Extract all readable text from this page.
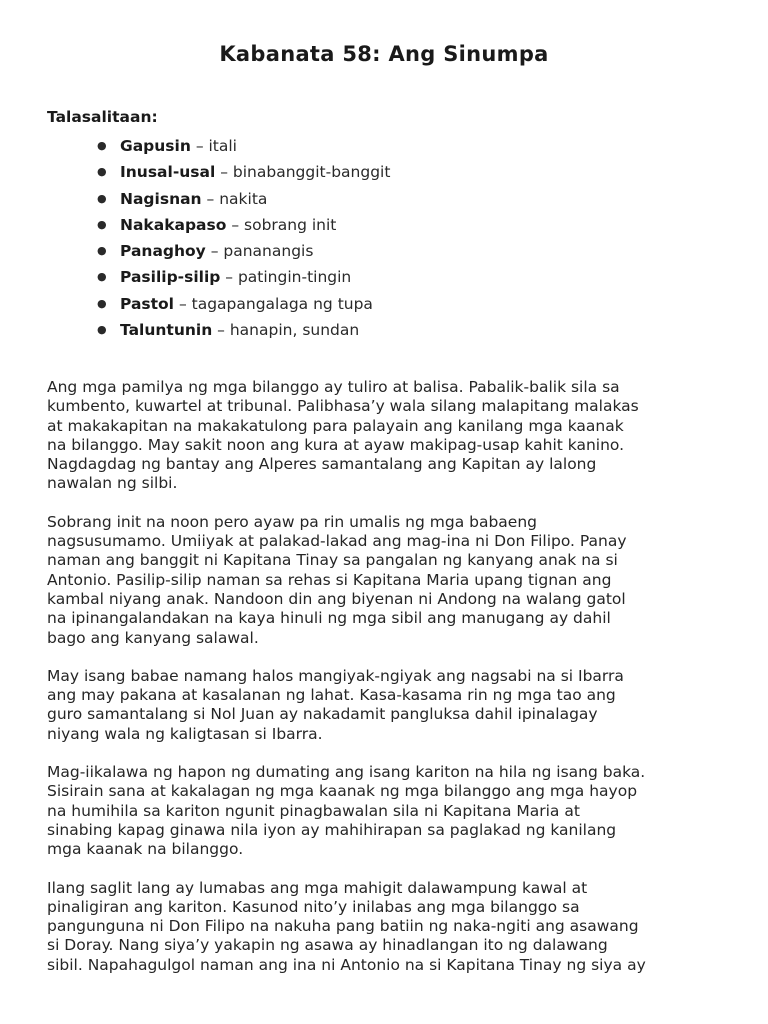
Kabanata 58: Ang Sinumpa
Talasalitaan:
● Gapusin – itali
● Inusal-usal – binabanggit-banggit
● Nagisnan – nakita
● Nakakapaso – sobrang init
● Panaghoy – pananangis
● Pasilip-silip – patingin-tingin
● Pastol – tagapangalaga ng tupa
● Taluntunin – hanapin, sundan

Ang mga pamilya ng mga bilanggo ay tuliro at balisa. Pabalik-balik sila sa
kumbento, kuwartel at tribunal. Palibhasa’y wala silang malapitang malakas
at makakapitan na makakatulong para palayain ang kanilang mga kaanak
na bilanggo. May sakit noon ang kura at ayaw makipag-usap kahit kanino.
Nagdagdag ng bantay ang Alperes samantalang ang Kapitan ay lalong
nawalan ng silbi.

Sobrang init na noon pero ayaw pa rin umalis ng mga babaeng
nagsusumamo. Umiiyak at palakad-lakad ang mag-ina ni Don Filipo. Panay
naman ang banggit ni Kapitana Tinay sa pangalan ng kanyang anak na si
Antonio. Pasilip-silip naman sa rehas si Kapitana Maria upang tignan ang
kambal niyang anak. Nandoon din ang biyenan ni Andong na walang gatol
na ipinangalandakan na kaya hinuli ng mga sibil ang manugang ay dahil
bago ang kanyang salawal.

May isang babae namang halos mangiyak-ngiyak ang nagsabi na si Ibarra
ang may pakana at kasalanan ng lahat. Kasa-kasama rin ng mga tao ang
guro samantalang si Nol Juan ay nakadamit pangluksa dahil ipinalagay
niyang wala ng kaligtasan si Ibarra.

Mag-iikalawa ng hapon ng dumating ang isang kariton na hila ng isang baka.
Sisirain sana at kakalagan ng mga kaanak ng mga bilanggo ang mga hayop
na humihila sa kariton ngunit pinagbawalan sila ni Kapitana Maria at
sinabing kapag ginawa nila iyon ay mahihirapan sa paglakad ng kanilang
mga kaanak na bilanggo.

Ilang saglit lang ay lumabas ang mga mahigit dalawampung kawal at
pinaligiran ang kariton. Kasunod nito’y inilabas ang mga bilanggo sa
pangunguna ni Don Filipo na nakuha pang batiin ng naka-ngiti ang asawang
si Doray. Nang siya’y yakapin ng asawa ay hinadlangan ito ng dalawang
sibil. Napahagulgol naman ang ina ni Antonio na si Kapitana Tinay ng siya ay
